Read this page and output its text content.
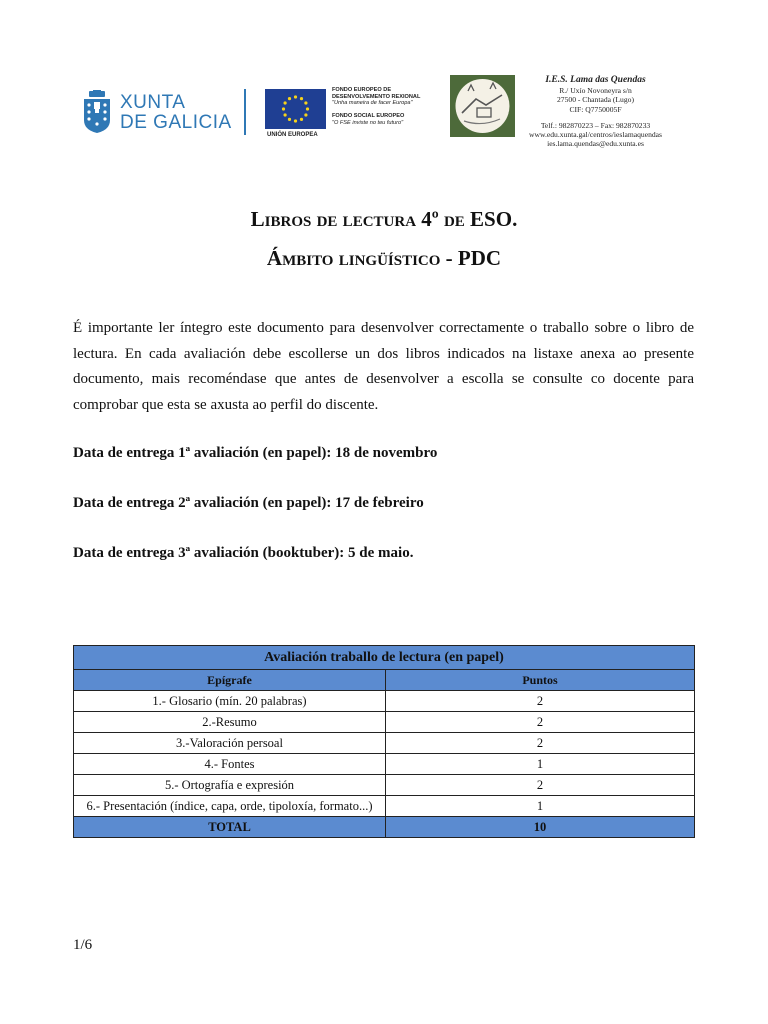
XUNTA
DE GALICIA
UNIÓN EUROPEA
FONDO EUROPEO DE
DESENVOLVEMENTO REXIONAL
"Unha maneira de facer Europa"
FONDO SOCIAL EUROPEO
"O FSE inviste no teu futuro"
I.E.S. Lama das Quendas
R./ Uxío Novoneyra s/n
27500 - Chantada (Lugo)
CIF: Q7750005F
Telf.: 982870223 – Fax: 982870233
www.edu.xunta.gal/centros/ieslamaquendas
ies.lama.quendas@edu.xunta.es
Libros de lectura 4º de ESO.
Ámbito lingüístico - PDC

É importante ler íntegro este documento para desenvolver correctamente o traballo sobre o libro de lectura. En cada avaliación debe escollerse un dos libros indicados na listaxe anexa ao presente documento, mais recoméndase que antes de desenvolver a escolla se consulte co docente para comprobar que esta se axusta ao perfil do discente.

Data de entrega 1ª avaliación (en papel): 18 de novembro

Data de entrega 2ª avaliación (en papel): 17 de febreiro

Data de entrega 3ª avaliación (booktuber): 5 de maio.

Avaliación traballo de lectura (en papel)	
Epígrafe	Puntos
1.- Glosario (mín. 20 palabras)	2
2.-Resumo	2
3.-Valoración persoal	2
4.- Fontes	1
5.- Ortografía e expresión	2
6.- Presentación (índice, capa, orde, tipoloxía, formato...)	1
TOTAL	10
1/6
